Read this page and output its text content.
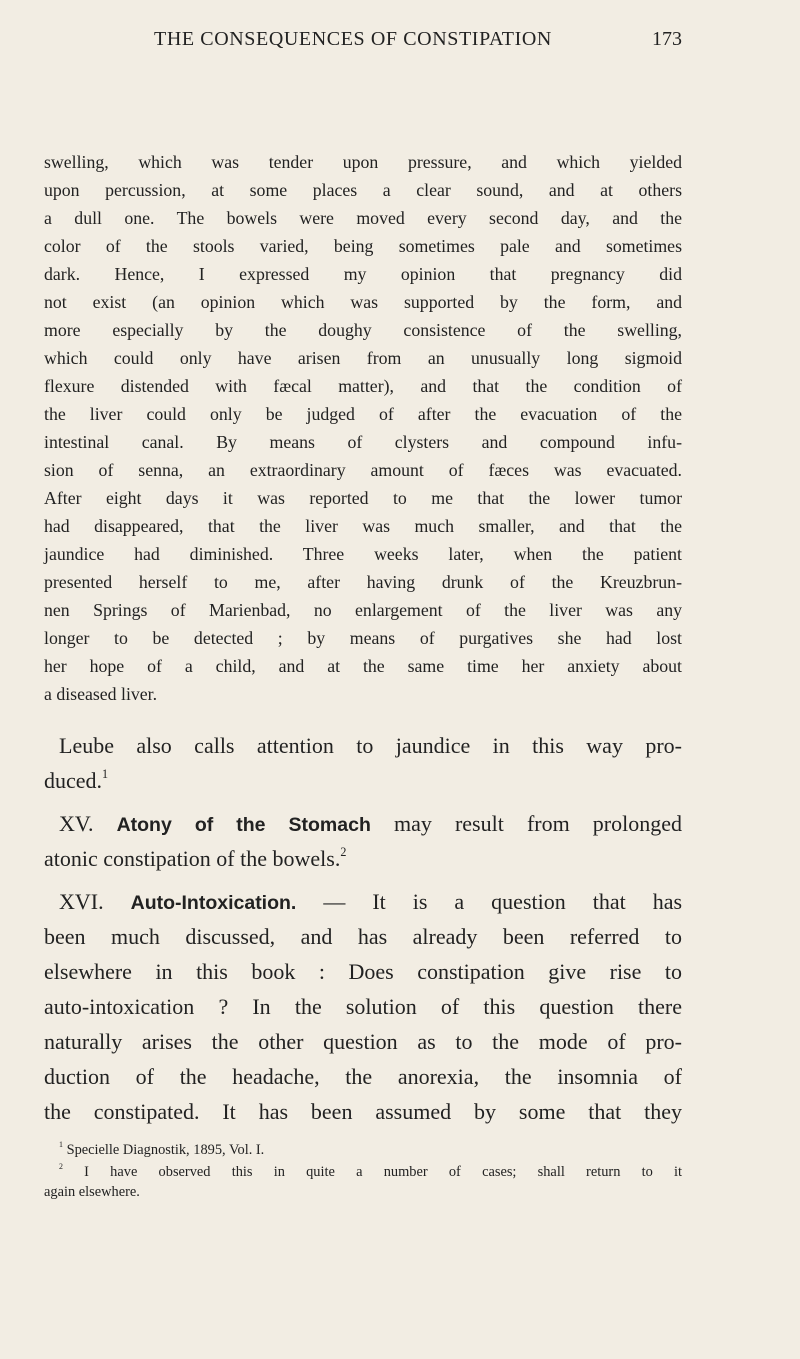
THE CONSEQUENCES OF CONSTIPATION	173
swelling, which was tender upon pressure, and which yielded
upon percussion, at some places a clear sound, and at others
a dull one. The bowels were moved every second day, and the
color of the stools varied, being sometimes pale and sometimes
dark. Hence, I expressed my opinion that pregnancy did
not exist (an opinion which was supported by the form, and
more especially by the doughy consistence of the swelling,
which could only have arisen from an unusually long sigmoid
flexure distended with fæcal matter), and that the condition of
the liver could only be judged of after the evacuation of the
intestinal canal. By means of clysters and compound infu-
sion of senna, an extraordinary amount of fæces was evacuated.
After eight days it was reported to me that the lower tumor
had disappeared, that the liver was much smaller, and that the
jaundice had diminished. Three weeks later, when the patient
presented herself to me, after having drunk of the Kreuzbrun-
nen Springs of Marienbad, no enlargement of the liver was any
longer to be detected ; by means of purgatives she had lost
her hope of a child, and at the same time her anxiety about
a diseased liver.
Leube also calls attention to jaundice in this way pro-
duced.$^1$
XV. Atony of the Stomach may result from prolonged
atonic constipation of the bowels.$^2$
XVI. Auto-Intoxication. — It is a question that has
been much discussed, and has already been referred to
elsewhere in this book : Does constipation give rise to
auto-intoxication ? In the solution of this question there
naturally arises the other question as to the mode of pro-
duction of the headache, the anorexia, the insomnia of
the constipated. It has been assumed by some that they
$^1$ Specielle Diagnostik, 1895, Vol. I.
$^2$ I have observed this in quite a number of cases; shall return to it
again elsewhere.
